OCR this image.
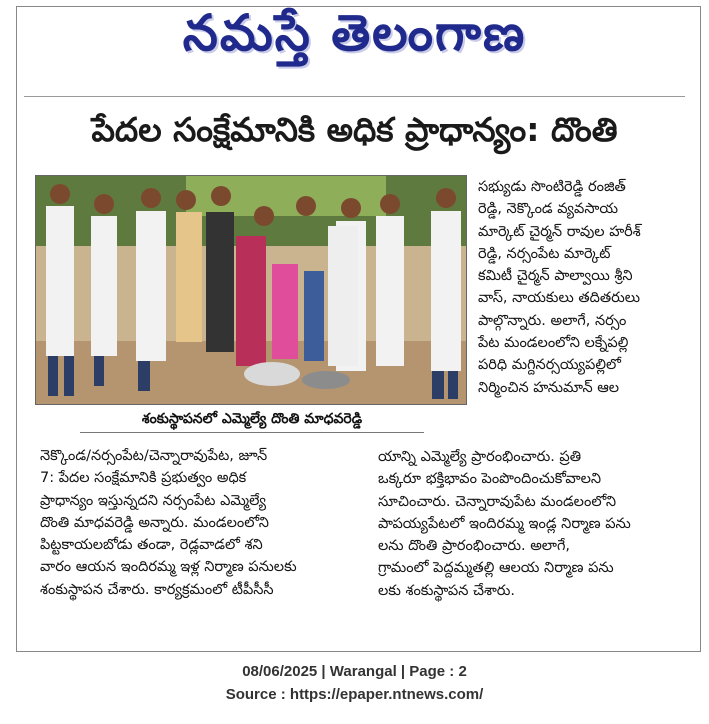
నమస్తే తెలంగాణ
పేదల సంక్షేమానికి అధిక ప్రాధాన్యం: దొంతి
శంకుస్థాపనలో ఎమ్మెల్యే దొంతి మాధవరెడ్డి
సభ్యుడు సొంటిరెడ్డి రంజిత్
రెడ్డి, నెక్కొండ వ్యవసాయ
మార్కెట్ చైర్మన్ రావుల హరీశ్
రెడ్డి, నర్సంపేట మార్కెట్
కమిటీ చైర్మన్ పాల్వాయి శ్రీని
వాస్, నాయకులు తదితరులు
పాల్గొన్నారు. అలాగే, నర్సం
పేట మండలంలోని లక్నేపల్లి
పరిధి మగ్దినర్సయ్యపల్లిలో
నిర్మించిన హనుమాన్ ఆల
నెక్కొండ/నర్సంపేట/చెన్నారావుపేట, జూన్
7: పేదల సంక్షేమానికి ప్రభుత్వం అధిక
ప్రాధాన్యం ఇస్తున్నదని నర్సంపేట ఎమ్మెల్యే
దొంతి మాధవరెడ్డి అన్నారు. మండలంలోని
పిట్టకాయలబోడు తండా, రెడ్లవాడలో శని
వారం ఆయన ఇందిరమ్మ ఇళ్ల నిర్మాణ పనులకు
శంకుస్థాపన చేశారు. కార్యక్రమంలో టీపీసీసీ
యాన్ని ఎమ్మెల్యే ప్రారంభించారు. ప్రతి
ఒక్కరూ భక్తిభావం పెంపొందించుకోవాలని
సూచించారు. చెన్నారావుపేట మండలంలోని
పాపయ్యపేటలో ఇందిరమ్మ ఇండ్ల నిర్మాణ పను
లను దొంతి ప్రారంభించారు. అలాగే,
గ్రామంలో పెద్దమ్మతల్లి ఆలయ నిర్మాణ పను
లకు శంకుస్థాపన చేశారు.
08/06/2025 | Warangal | Page : 2
Source : https://epaper.ntnews.com/
